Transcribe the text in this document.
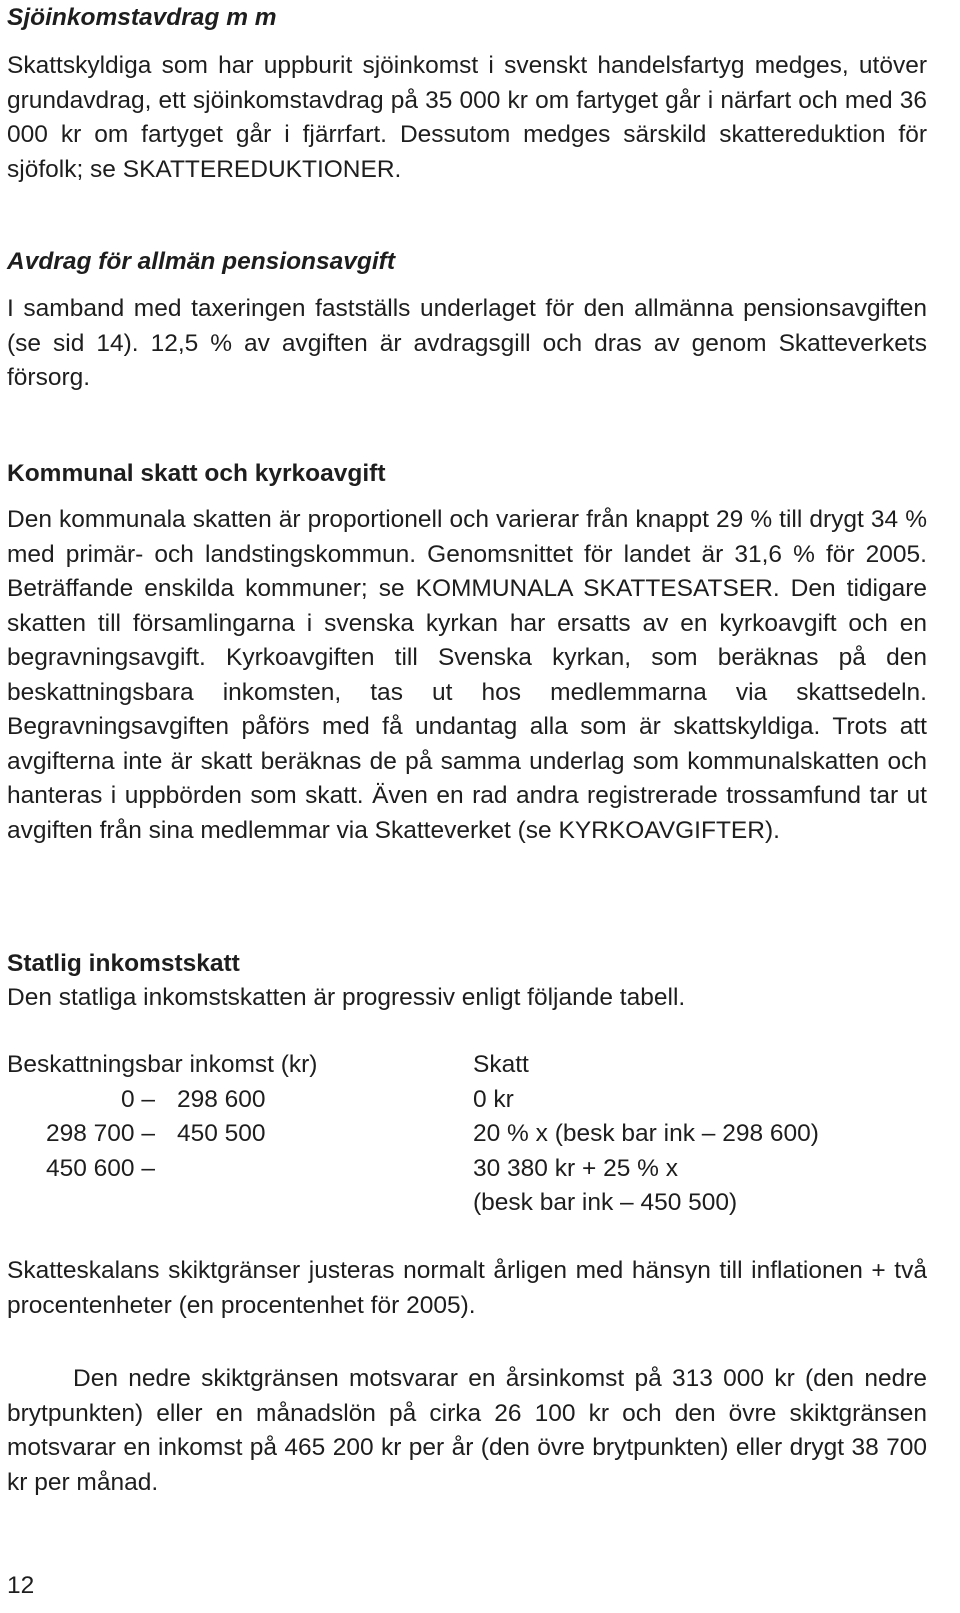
Sjöinkomstavdrag m m

Skattskyldiga som har uppburit sjöinkomst i svenskt handelsfartyg medges, utöver grundavdrag, ett sjöinkomstavdrag på 35 000 kr om fartyget går i närfart och med 36 000 kr om fartyget går i fjärrfart. Dessutom medges särskild skattereduktion för sjöfolk; se SKATTEREDUKTIONER.

Avdrag för allmän pensionsavgift

I samband med taxeringen fastställs underlaget för den allmänna pensionsavgiften (se sid 14). 12,5 % av avgiften är avdragsgill och dras av genom Skatteverkets försorg.

Kommunal skatt och kyrkoavgift

Den kommunala skatten är proportionell och varierar från knappt 29 % till drygt 34 % med primär- och landstingskommun. Genomsnittet för landet är 31,6 % för 2005. Beträffande enskilda kommuner; se KOMMUNALA SKATTESATSER. Den tidigare skatten till församlingarna i svenska kyrkan har ersatts av en kyrkoavgift och en begravningsavgift. Kyrkoavgiften till Svenska kyrkan, som beräknas på den beskattningsbara inkomsten, tas ut hos medlemmarna via skattsedeln. Begravningsavgiften påförs med få undantag alla som är skattskyldiga. Trots att avgifterna inte är skatt beräknas de på samma underlag som kommunalskatten och hanteras i uppbörden som skatt. Även en rad andra registrerade trossamfund tar ut avgiften från sina medlemmar via Skatteverket (se KYRKOAVGIFTER).

Statlig inkomstskatt

Den statliga inkomstskatten är progressiv enligt följande tabell.

Beskattningsbar inkomst (kr)	Skatt
0 – 298 600	0 kr
298 700 – 450 500	20 % x (besk bar ink – 298 600)
450 600 –	30 380 kr + 25 % x
(besk bar ink – 450 500)

Skatteskalans skiktgränser justeras normalt årligen med hänsyn till inflationen + två procentenheter (en procentenhet för 2005).

Den nedre skiktgränsen motsvarar en årsinkomst på 313 000 kr (den nedre brytpunkten) eller en månadslön på cirka 26 100 kr och den övre skiktgränsen motsvarar en inkomst på 465 200 kr per år (den övre brytpunkten) eller drygt 38 700 kr per månad.

12
